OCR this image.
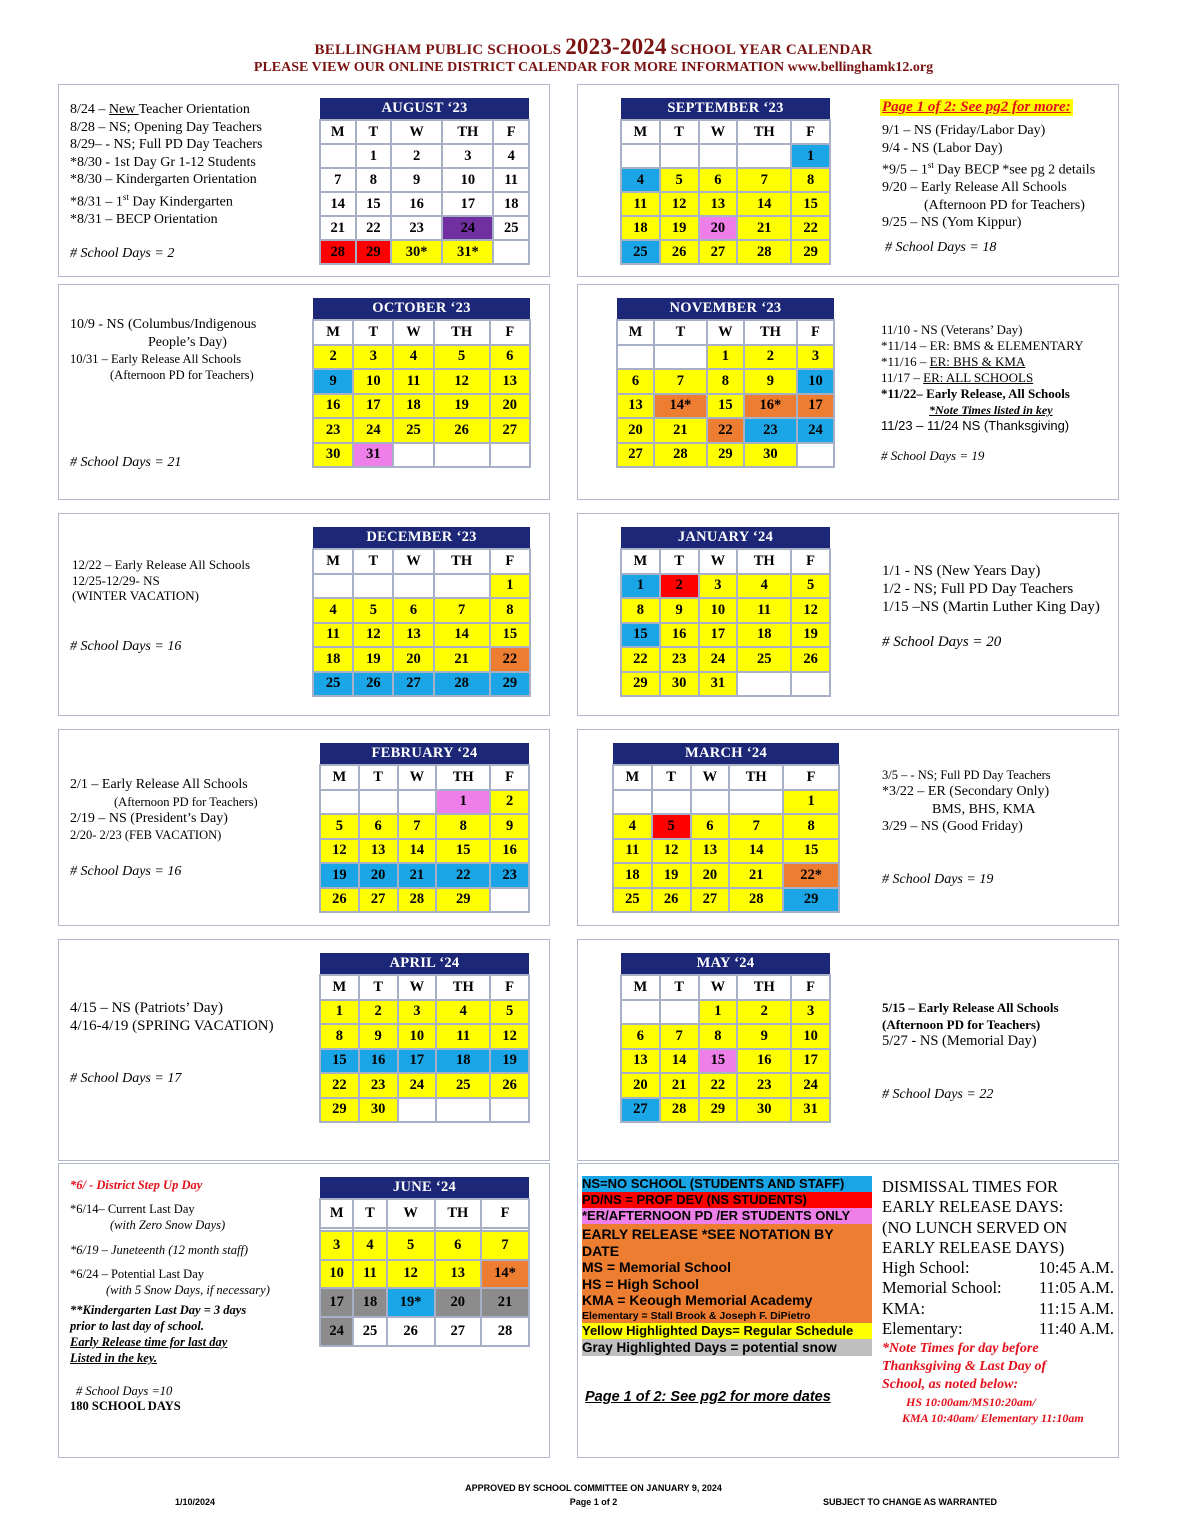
BELLINGHAM PUBLIC SCHOOLS 2023-2024 SCHOOL YEAR CALENDAR
PLEASE VIEW OUR ONLINE DISTRICT CALENDAR FOR MORE INFORMATION www.bellinghamk12.org
AUGUST ‘23				
M	T	W	TH	F
	1	2	3	4
7	8	9	10	11
14	15	16	17	18
21	22	23	24	25
28	29	30*	31*	
SEPTEMBER ‘23				
M	T	W	TH	F
				1
4	5	6	7	8
11	12	13	14	15
18	19	20	21	22
25	26	27	28	29
OCTOBER ‘23				
M	T	W	TH	F
2	3	4	5	6
9	10	11	12	13
16	17	18	19	20
23	24	25	26	27
30	31			
NOVEMBER ‘23				
M	T	W	TH	F
		1	2	3
6	7	8	9	10
13	14*	15	16*	17
20	21	22	23	24
27	28	29	30	
DECEMBER ‘23				
M	T	W	TH	F
				1
4	5	6	7	8
11	12	13	14	15
18	19	20	21	22
25	26	27	28	29
JANUARY ‘24				
M	T	W	TH	F
1	2	3	4	5
8	9	10	11	12
15	16	17	18	19
22	23	24	25	26
29	30	31		
FEBRUARY ‘24				
M	T	W	TH	F
			1	2
5	6	7	8	9
12	13	14	15	16
19	20	21	22	23
26	27	28	29	
MARCH ‘24				
M	T	W	TH	F
				1
4	5	6	7	8
11	12	13	14	15
18	19	20	21	22*
25	26	27	28	29
APRIL ‘24				
M	T	W	TH	F
1	2	3	4	5
8	9	10	11	12
15	16	17	18	19
22	23	24	25	26
29	30			
MAY ‘24				
M	T	W	TH	F
		1	2	3
6	7	8	9	10
13	14	15	16	17
20	21	22	23	24
27	28	29	30	31
JUNE ‘24				
M	T	W	TH	F

3	4	5	6	7
10	11	12	13	14*
17	18	19*	20	21
24	25	26	27	28
8/24 – New Teacher Orientation
8/28 – NS; Opening Day Teachers
8/29– - NS; Full PD Day Teachers
*8/30 - 1st Day Gr 1-12 Students
*8/30 – Kindergarten Orientation
*8/31 – 1st Day Kindergarten
*8/31 – BECP Orientation
# School Days = 2
Page 1 of 2: See pg2 for more:
9/1 – NS (Friday/Labor Day)
9/4 - NS (Labor Day)
*9/5 – 1st Day BECP *see pg 2 details
9/20 – Early Release All Schools
(Afternoon PD for Teachers)
9/25 – NS (Yom Kippur)
# School Days = 18
10/9 - NS (Columbus/Indigenous
People’s Day)
10/31 – Early Release All Schools
(Afternoon PD for Teachers)
# School Days = 21
11/10 - NS (Veterans’ Day)
*11/14 – ER: BMS & ELEMENTARY
*11/16 – ER: BHS & KMA
11/17 – ER: ALL SCHOOLS
*11/22– Early Release, All Schools
*Note Times listed in key
11/23 – 11/24 NS (Thanksgiving)
# School Days = 19
12/22 – Early Release All Schools
12/25-12/29- NS
(WINTER VACATION)
# School Days = 16
1/1 - NS (New Years Day)
1/2 - NS; Full PD Day Teachers
1/15 –NS (Martin Luther King Day)
# School Days = 20
2/1 – Early Release All Schools
(Afternoon PD for Teachers)
2/19 – NS (President’s Day)
2/20- 2/23 (FEB VACATION)
# School Days = 16
3/5 – - NS; Full PD Day Teachers
*3/22 – ER (Secondary Only)
BMS, BHS, KMA
3/29 – NS (Good Friday)
# School Days = 19
4/15 – NS (Patriots’ Day)
4/16-4/19 (SPRING VACATION)
# School Days = 17
5/15 – Early Release All Schools
(Afternoon PD for Teachers)
5/27 - NS (Memorial Day)
# School Days = 22
*6/ - District Step Up Day
*6/14– Current Last Day
(with Zero Snow Days)
*6/19 – Juneteenth (12 month staff)
*6/24 – Potential Last Day
(with 5 Snow Days, if necessary)
**Kindergarten Last Day = 3 days
prior to last day of school.
Early Release time for last day
Listed in the key.
# School Days =10
180 SCHOOL DAYS
NS=NO SCHOOL (STUDENTS AND STAFF)
PD/NS = PROF DEV (NS STUDENTS)
*ER/AFTERNOON PD /ER STUDENTS ONLY
EARLY RELEASE *SEE NOTATION BY
DATE
MS = Memorial School
HS = High School
KMA = Keough Memorial Academy
Elementary = Stall Brook & Joseph F. DiPietro
Yellow Highlighted Days= Regular Schedule
Gray Highlighted Days = potential snow
Page 1 of 2: See pg2 for more dates
DISMISSAL TIMES FOR
EARLY RELEASE DAYS:
(NO LUNCH SERVED ON
EARLY RELEASE DAYS)
High School:	10:45 A.M.
Memorial School: 11:05 A.M.
KMA:	11:15 A.M.
Elementary:	11:40 A.M.
*Note Times for day before
Thanksgiving & Last Day of
School, as noted below:
HS 10:00am/MS10:20am/
KMA 10:40am/ Elementary 11:10am
APPROVED BY SCHOOL COMMITTEE ON JANUARY 9, 2024
1/10/2024	Page 1 of 2	SUBJECT TO CHANGE AS WARRANTED
